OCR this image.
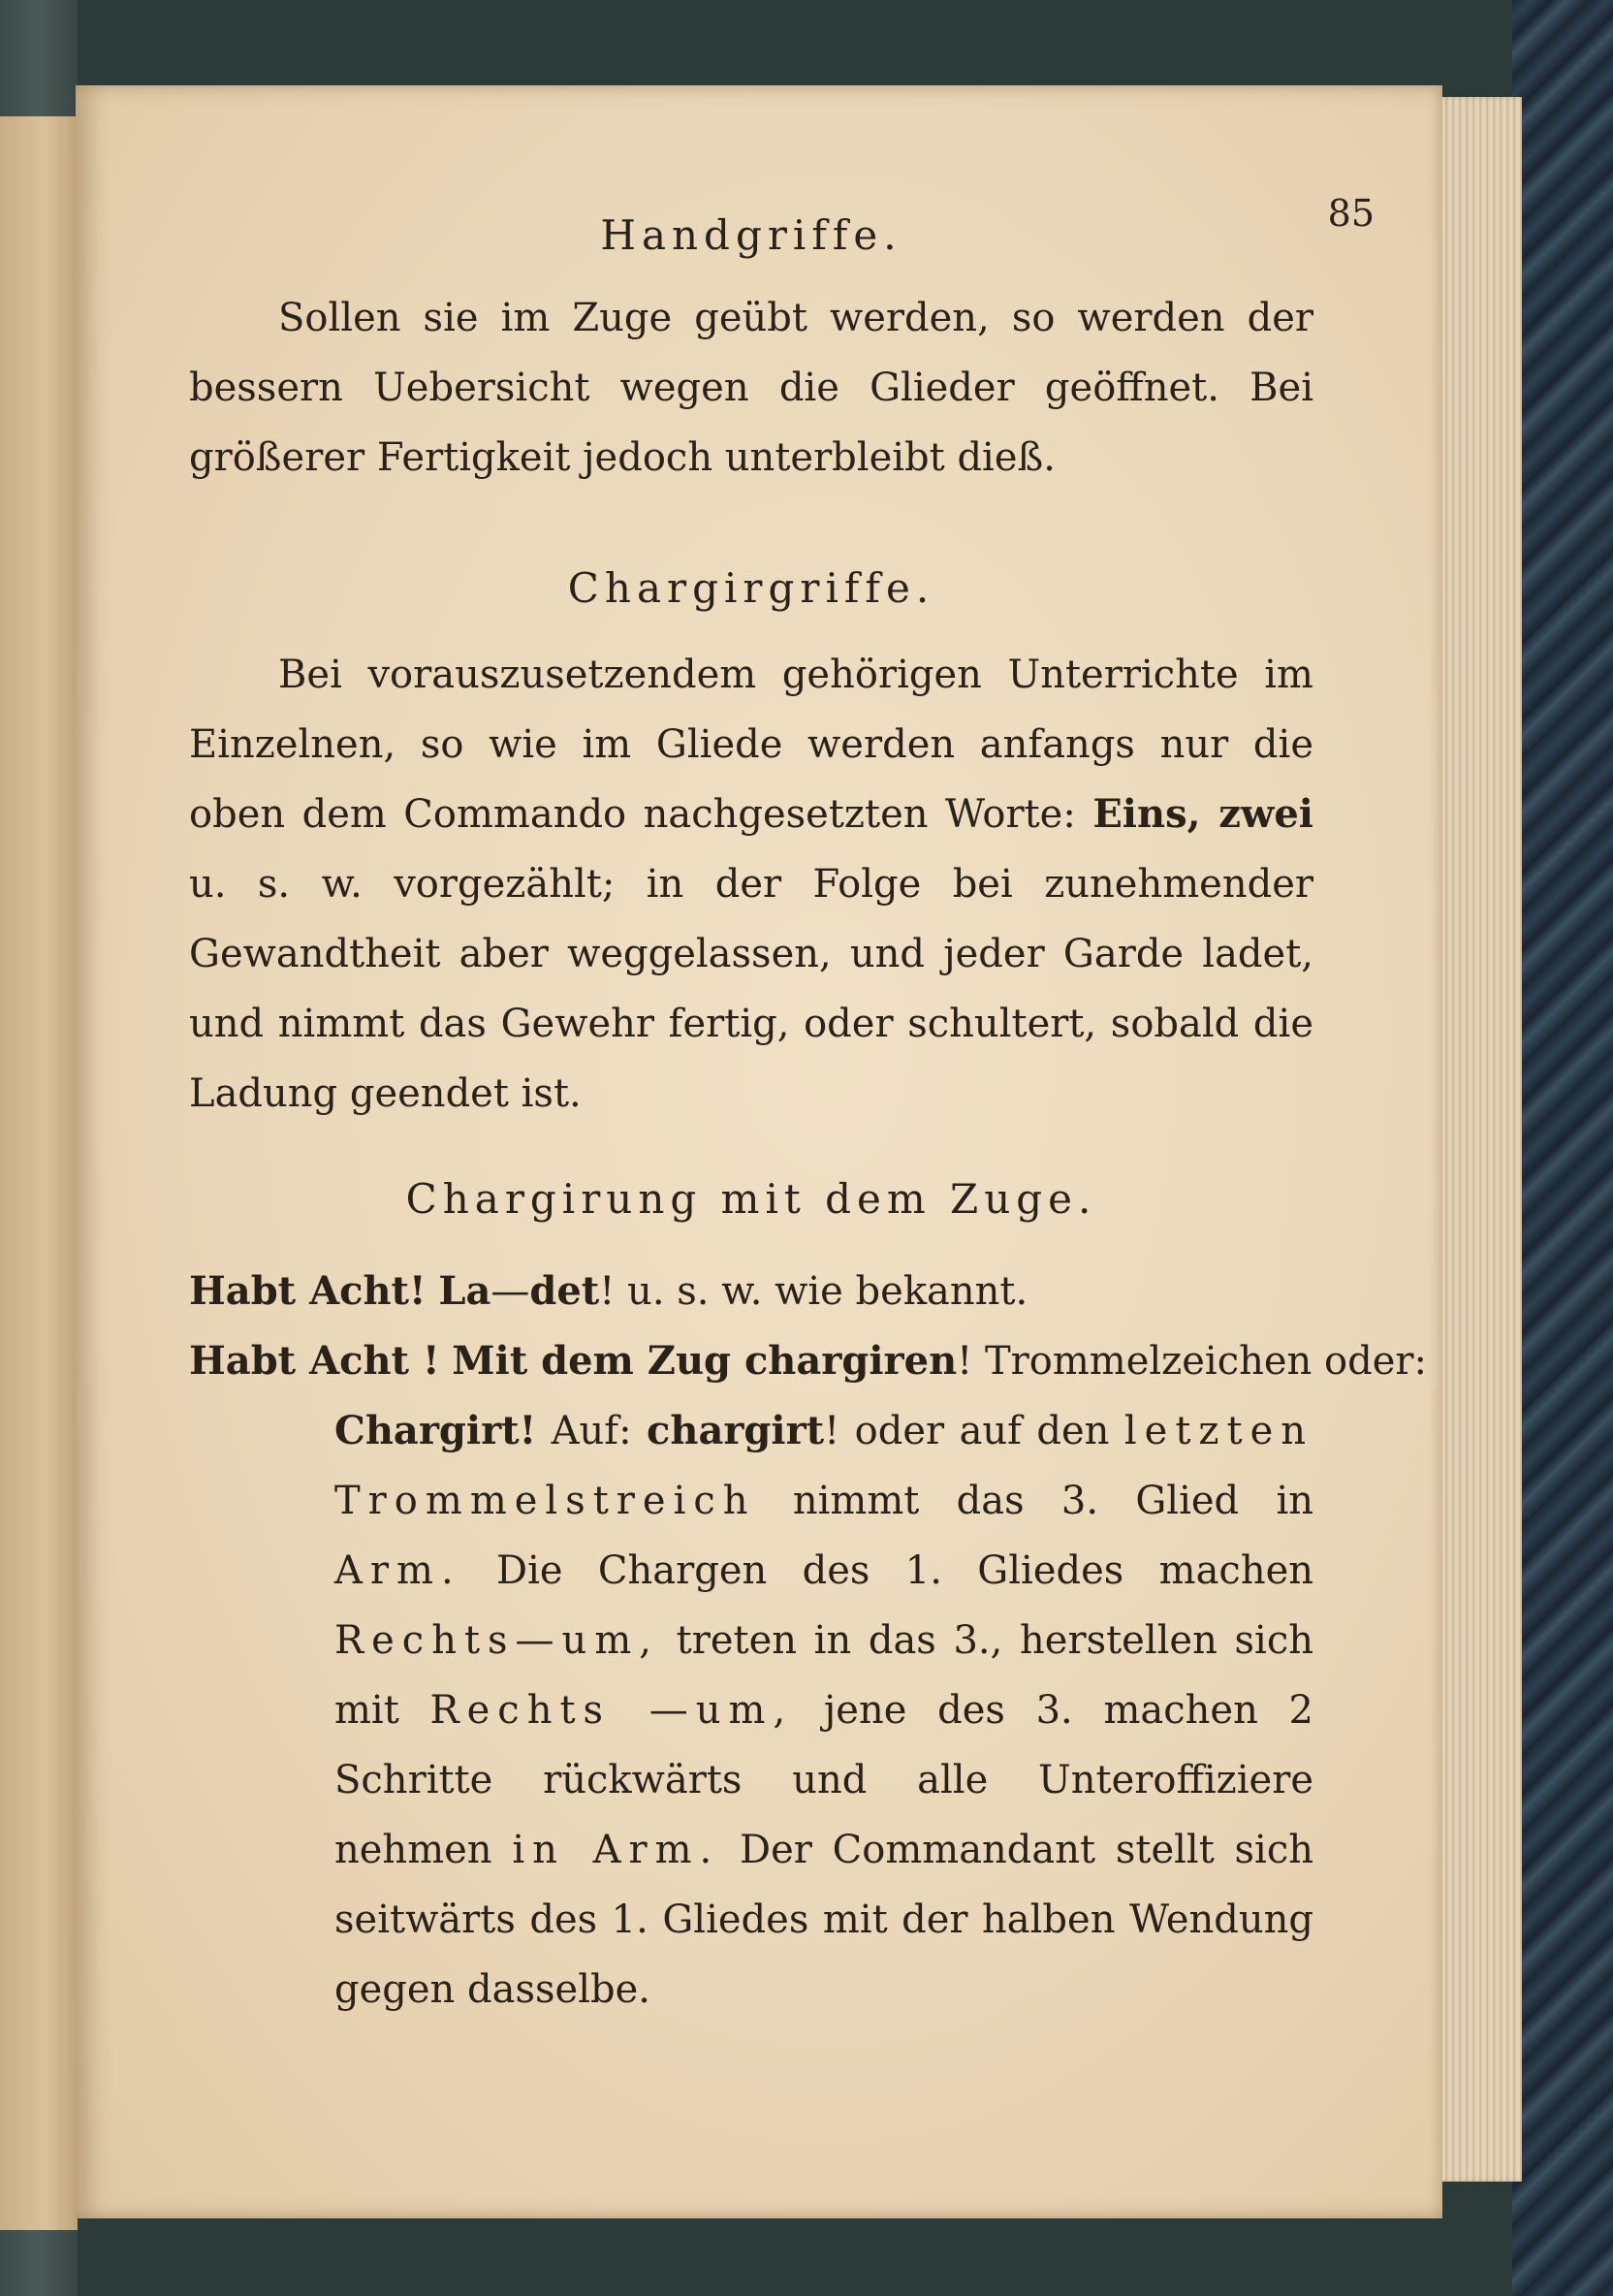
85
Handgriffe.

Sollen sie im Zuge geübt werden, so werden der bessern Uebersicht wegen die Glieder geöffnet. Bei größerer Fertigkeit jedoch unterbleibt dieß.

Chargirgriffe.

Bei vorauszusetzendem gehörigen Unterrichte im Einzelnen, so wie im Gliede werden anfangs nur die oben dem Commando nachgesetzten Worte: Eins, zwei u. s. w. vorgezählt; in der Folge bei zunehmender Gewandtheit aber weggelassen, und jeder Garde ladet, und nimmt das Gewehr fertig, oder schultert, sobald die Ladung geendet ist.

Chargirung mit dem Zuge.
Habt Acht! La—det! u. s. w. wie bekannt.
Habt Acht ! Mit dem Zug chargiren! Trommelzeichen oder:
Chargirt! Auf: chargirt! oder auf den letzten Trommelstreich nimmt das 3. Glied in Arm. Die Chargen des 1. Gliedes machen Rechts—um, treten in das 3., herstellen sich mit Rechts —um, jene des 3. machen 2 Schritte rückwärts und alle Unteroffiziere nehmen in Arm. Der Commandant stellt sich seitwärts des 1. Gliedes mit der halben Wendung gegen dasselbe.
